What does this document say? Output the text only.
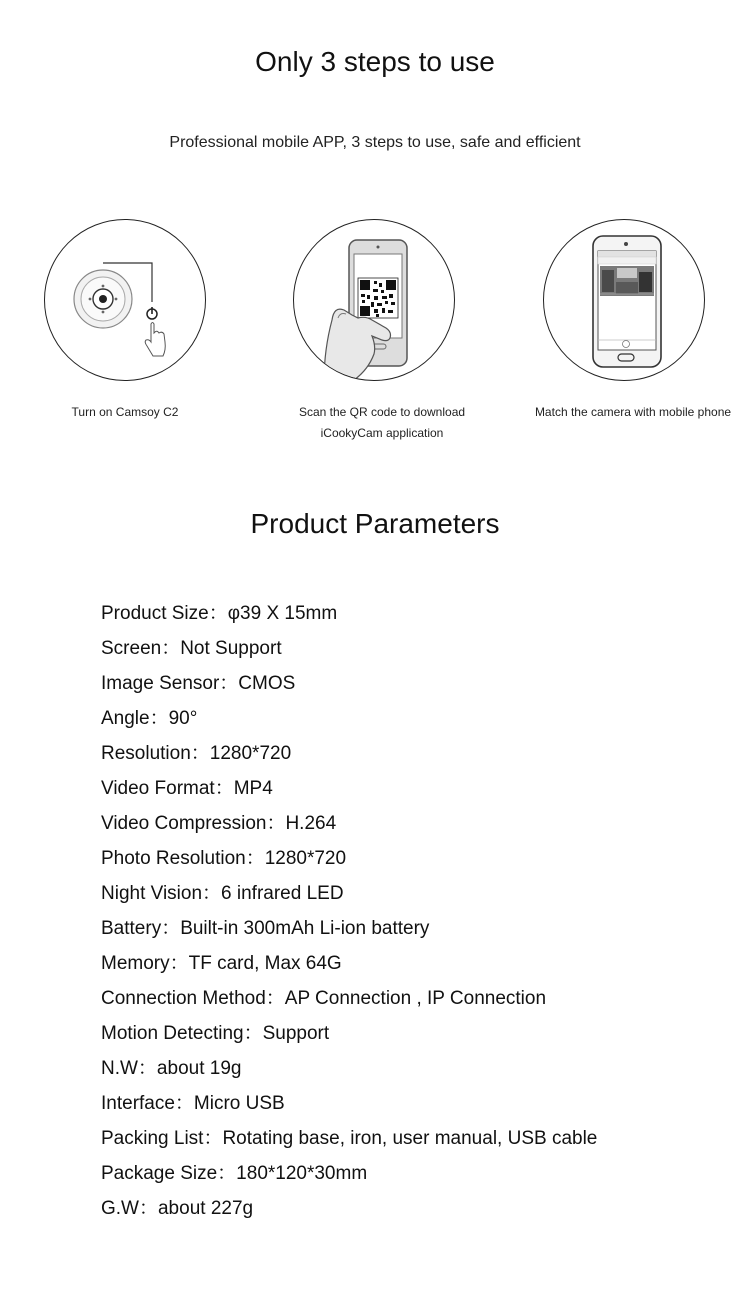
Only 3 steps to use
Professional mobile APP, 3 steps to use, safe and efficient
Turn on Camsoy C2	Scan the QR code to download
iCookyCam application
Match the camera with mobile phone
Product Parameters
Product Size：φ39 X 15mm
Screen：Not Support
Image Sensor：CMOS
Angle：90°
Resolution：1280*720
Video Format：MP4
Video Compression：H.264
Photo Resolution：1280*720
Night Vision：6 infrared LED
Battery：Built-in 300mAh Li-ion battery
Memory：TF card, Max 64G
Connection Method：AP Connection , IP Connection
Motion Detecting：Support
N.W：about 19g
Interface：Micro USB
Packing List：Rotating base, iron, user manual, USB cable
Package Size：180*120*30mm
G.W：about 227g
